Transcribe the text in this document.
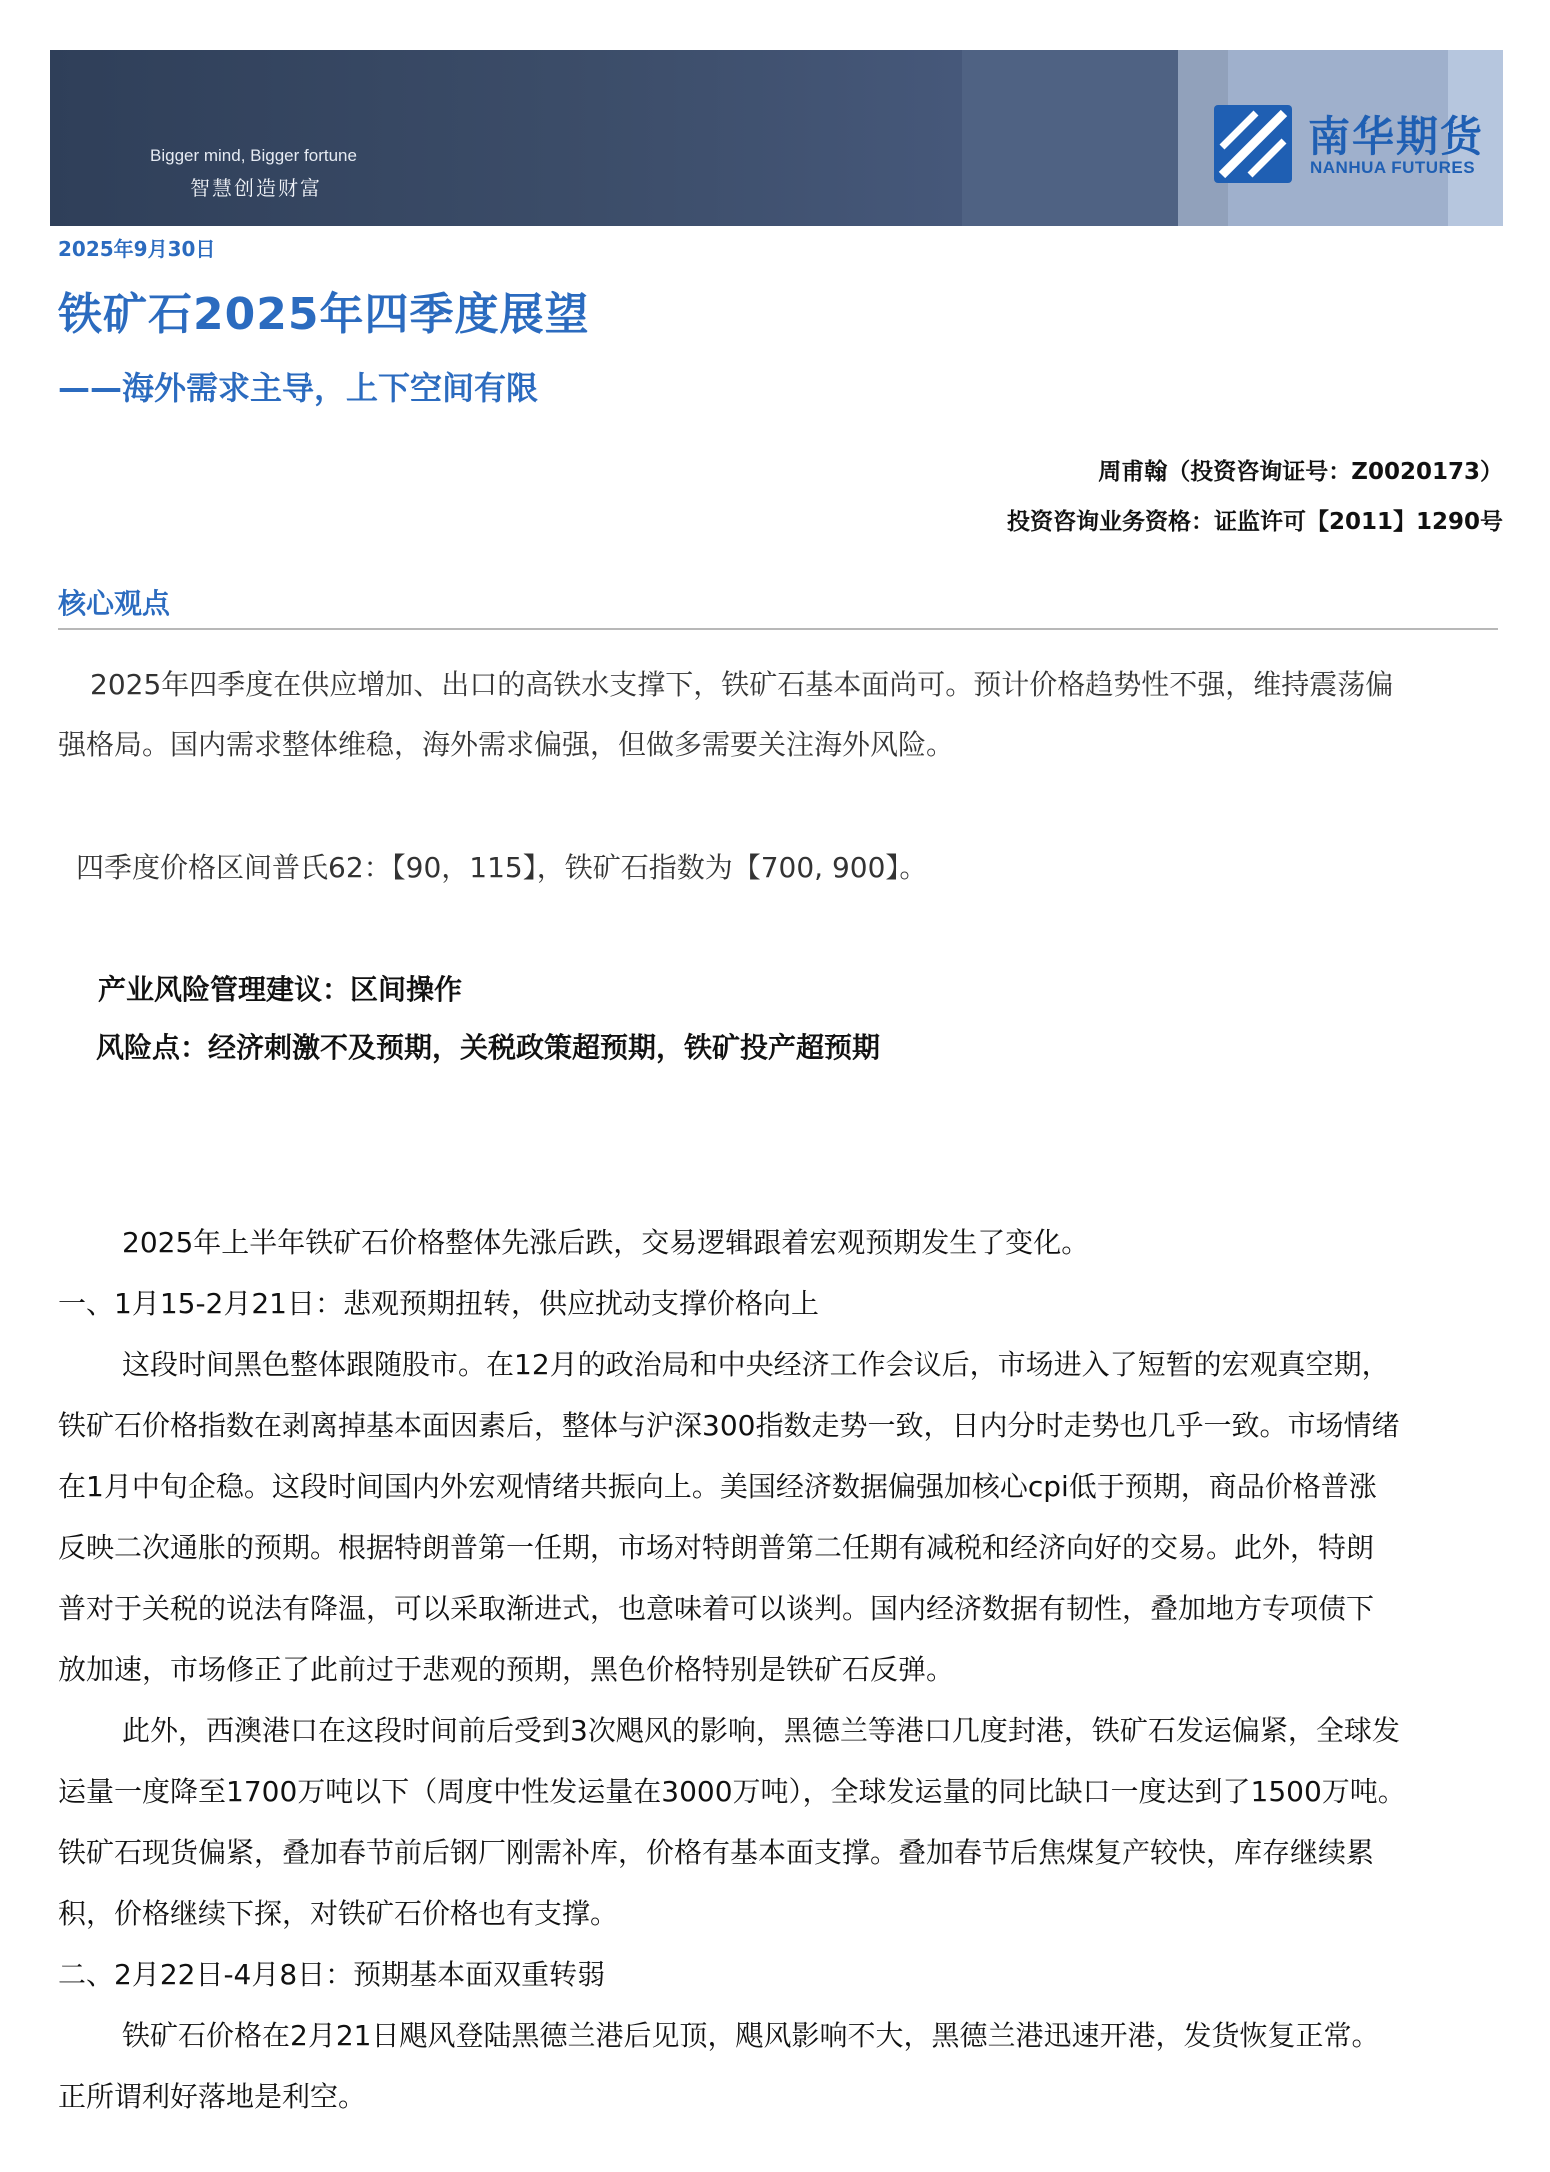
Bigger mind, Bigger fortune
智慧创造财富
南华期货
NANHUA FUTURES
2025年9月30日
铁矿石2025年四季度展望
——海外需求主导，上下空间有限
周甫翰（投资咨询证号：Z0020173）
投资咨询业务资格：证监许可【2011】1290号
核心观点
2025年四季度在供应增加、出口的高铁水支撑下，铁矿石基本面尚可。预计价格趋势性不强，维持震荡偏
强格局。国内需求整体维稳，海外需求偏强，但做多需要关注海外风险。
四季度价格区间普氏62：【90，115】，铁矿石指数为【700, 900】。
产业风险管理建议：区间操作
风险点：经济刺激不及预期，关税政策超预期，铁矿投产超预期

2025年上半年铁矿石价格整体先涨后跌，交易逻辑跟着宏观预期发生了变化。

一、1月15-2月21日：悲观预期扭转，供应扰动支撑价格向上

这段时间黑色整体跟随股市。在12月的政治局和中央经济工作会议后，市场进入了短暂的宏观真空期，

铁矿石价格指数在剥离掉基本面因素后，整体与沪深300指数走势一致，日内分时走势也几乎一致。市场情绪

在1月中旬企稳。这段时间国内外宏观情绪共振向上。美国经济数据偏强加核心cpi低于预期，商品价格普涨

反映二次通胀的预期。根据特朗普第一任期，市场对特朗普第二任期有减税和经济向好的交易。此外，特朗

普对于关税的说法有降温，可以采取渐进式，也意味着可以谈判。国内经济数据有韧性，叠加地方专项债下

放加速，市场修正了此前过于悲观的预期，黑色价格特别是铁矿石反弹。

此外，西澳港口在这段时间前后受到3次飓风的影响，黑德兰等港口几度封港，铁矿石发运偏紧，全球发

运量一度降至1700万吨以下（周度中性发运量在3000万吨），全球发运量的同比缺口一度达到了1500万吨。

铁矿石现货偏紧，叠加春节前后钢厂刚需补库，价格有基本面支撑。叠加春节后焦煤复产较快，库存继续累

积，价格继续下探，对铁矿石价格也有支撑。

二、2月22日-4月8日：预期基本面双重转弱

铁矿石价格在2月21日飓风登陆黑德兰港后见顶，飓风影响不大，黑德兰港迅速开港，发货恢复正常。

正所谓利好落地是利空。
